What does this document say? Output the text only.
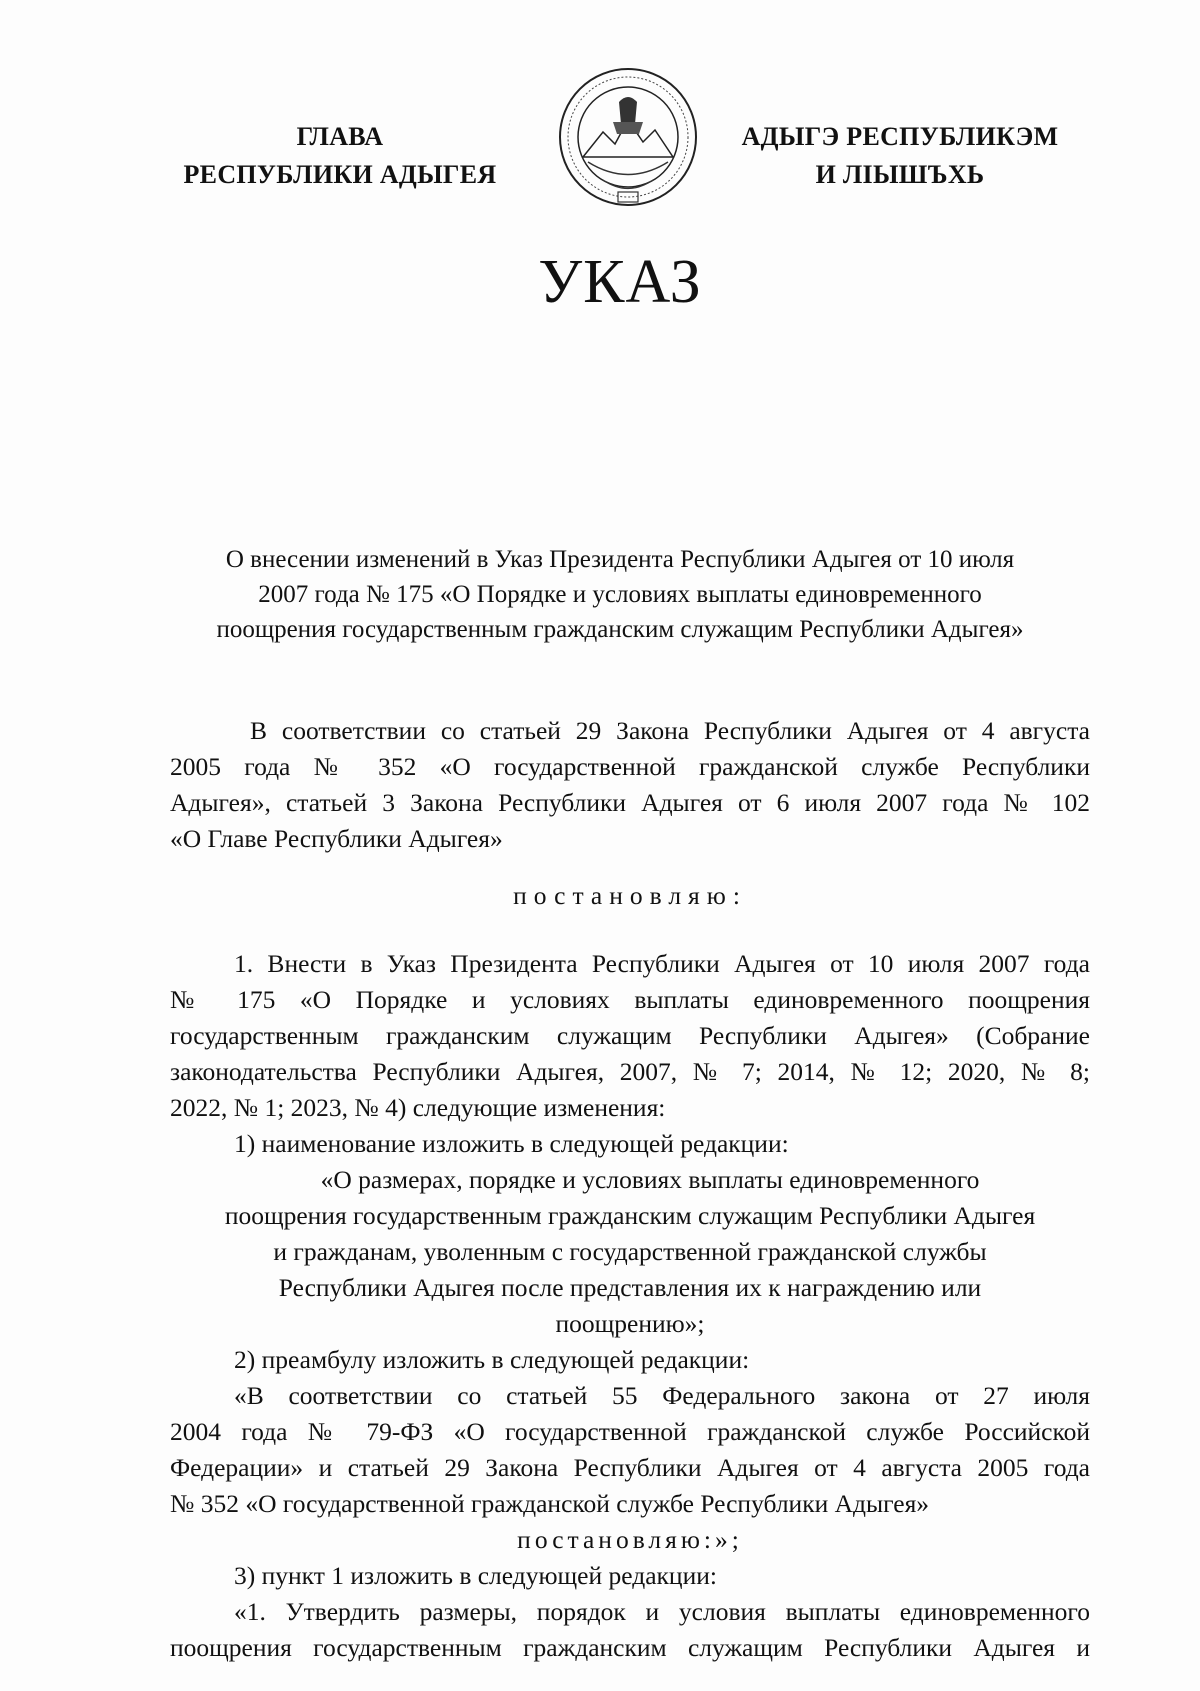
ГЛАВА
РЕСПУБЛИКИ АДЫГЕЯ
АДЫГЭ РЕСПУБЛИКЭМ
И ЛІЫШЪХЬ
УКАЗ
О внесении изменений в Указ Президента Республики Адыгея от 10 июля
2007 года № 175 «О Порядке и условиях выплаты единовременного
поощрения государственным гражданским служащим Республики Адыгея»
В соответствии со статьей 29 Закона Республики Адыгея от 4 августа
2005 года № 352 «О государственной гражданской службе Республики
Адыгея», статьей 3 Закона Республики Адыгея от 6 июля 2007 года № 102
«О Главе Республики Адыгея»
постановляю:
1. Внести в Указ Президента Республики Адыгея от 10 июля 2007 года
№ 175 «О Порядке и условиях выплаты единовременного поощрения
государственным гражданским служащим Республики Адыгея» (Собрание
законодательства Республики Адыгея, 2007, № 7; 2014, № 12; 2020, № 8;
2022, № 1; 2023, № 4) следующие изменения:
1) наименование изложить в следующей редакции:
«О размерах, порядке и условиях выплаты единовременного
поощрения государственным гражданским служащим Республики Адыгея
и гражданам, уволенным с государственной гражданской службы
Республики Адыгея после представления их к награждению или
поощрению»;
2) преамбулу изложить в следующей редакции:
«В соответствии со статьей 55 Федерального закона от 27 июля
2004 года № 79-ФЗ «О государственной гражданской службе Российской
Федерации» и статьей 29 Закона Республики Адыгея от 4 августа 2005 года
№ 352 «О государственной гражданской службе Республики Адыгея»
постановляю:»;
3) пункт 1 изложить в следующей редакции:
«1. Утвердить размеры, порядок и условия выплаты единовременного
поощрения государственным гражданским служащим Республики Адыгея и
